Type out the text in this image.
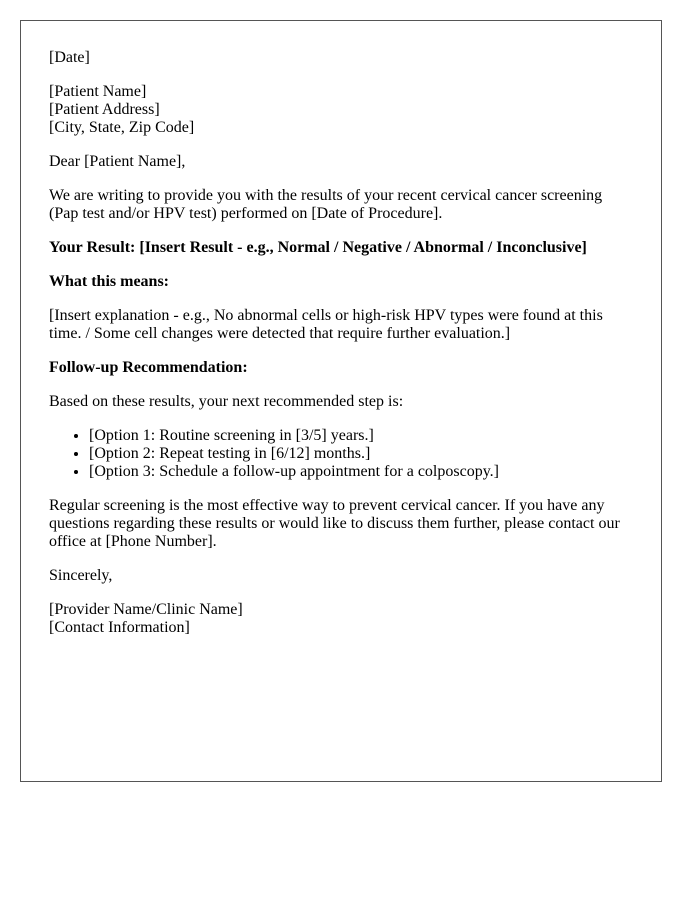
[Date]

[Patient Name]

[Patient Address]

[City, State, Zip Code]

Dear [Patient Name],

We are writing to provide you with the results of your recent cervical cancer screening (Pap test and/or HPV test) performed on [Date of Procedure].

Your Result: [Insert Result - e.g., Normal / Negative / Abnormal / Inconclusive]

What this means:

[Insert explanation - e.g., No abnormal cells or high-risk HPV types were found at this time. / Some cell changes were detected that require further evaluation.]

Follow-up Recommendation:

Based on these results, your next recommended step is:

• [Option 1: Routine screening in [3/5] years.]
• [Option 2: Repeat testing in [6/12] months.]
• [Option 3: Schedule a follow-up appointment for a colposcopy.]

Regular screening is the most effective way to prevent cervical cancer. If you have any questions regarding these results or would like to discuss them further, please contact our office at [Phone Number].

Sincerely,

[Provider Name/Clinic Name]

[Contact Information]
